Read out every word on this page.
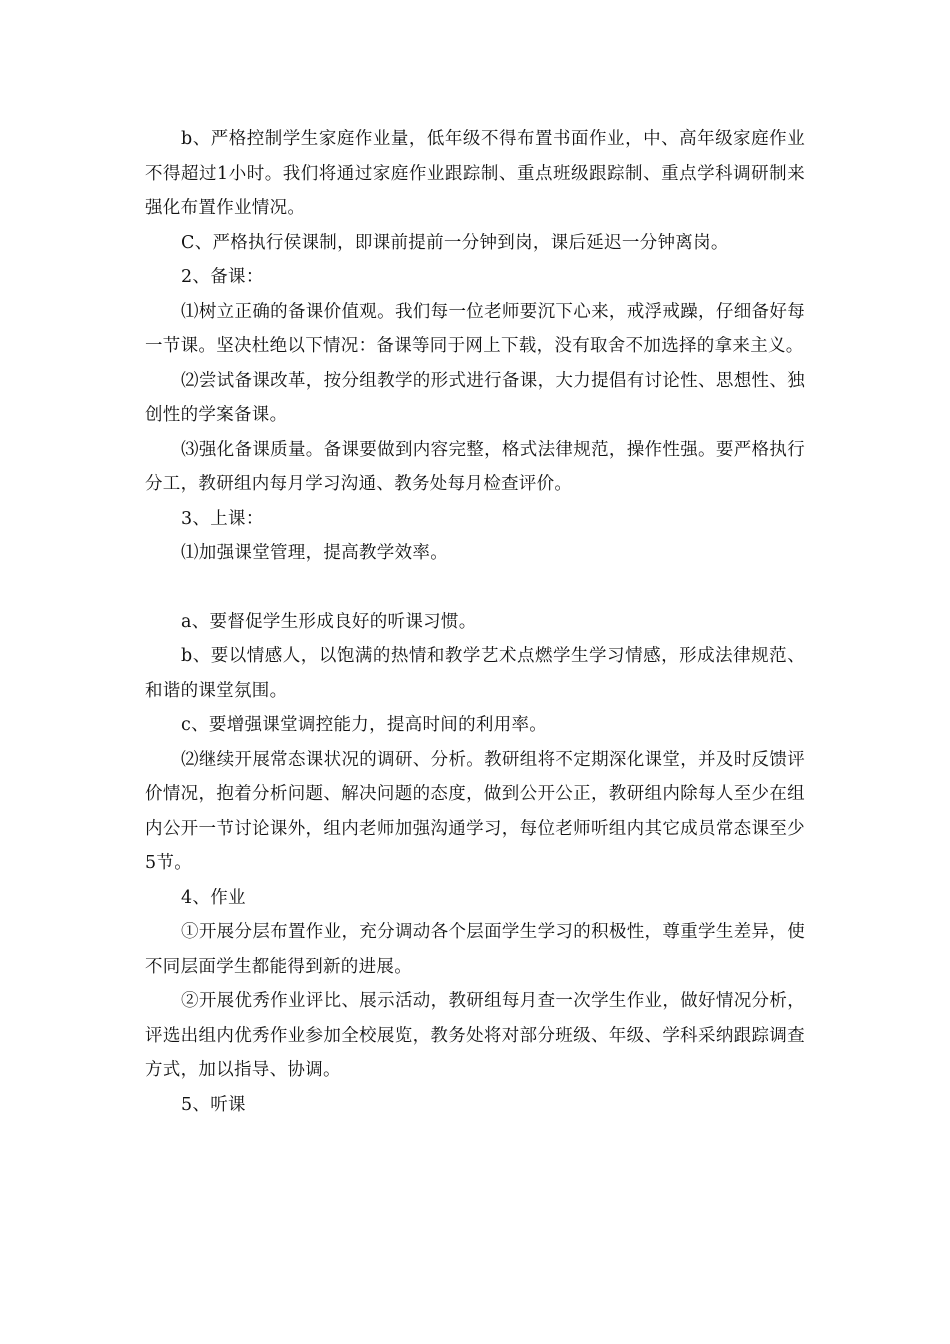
b、严格控制学生家庭作业量，低年级不得布置书面作业，中、高年级家庭作业不得超过1小时。我们将通过家庭作业跟踪制、重点班级跟踪制、重点学科调研制来强化布置作业情况。

C、严格执行侯课制，即课前提前一分钟到岗，课后延迟一分钟离岗。

2、备课：

⑴树立正确的备课价值观。我们每一位老师要沉下心来，戒浮戒躁，仔细备好每一节课。坚决杜绝以下情况：备课等同于网上下载，没有取舍不加选择的拿来主义。

⑵尝试备课改革，按分组教学的形式进行备课，大力提倡有讨论性、思想性、独创性的学案备课。

⑶强化备课质量。备课要做到内容完整，格式法律规范，操作性强。要严格执行分工，教研组内每月学习沟通、教务处每月检查评价。

3、上课：

⑴加强课堂管理，提高教学效率。

a、要督促学生形成良好的听课习惯。

b、要以情感人，以饱满的热情和教学艺术点燃学生学习情感，形成法律规范、和谐的课堂氛围。

c、要增强课堂调控能力，提高时间的利用率。

⑵继续开展常态课状况的调研、分析。教研组将不定期深化课堂，并及时反馈评价情况，抱着分析问题、解决问题的态度，做到公开公正，教研组内除每人至少在组内公开一节讨论课外，组内老师加强沟通学习，每位老师听组内其它成员常态课至少5节。

4、作业

①开展分层布置作业，充分调动各个层面学生学习的积极性，尊重学生差异，使不同层面学生都能得到新的进展。

②开展优秀作业评比、展示活动，教研组每月查一次学生作业，做好情况分析，评选出组内优秀作业参加全校展览，教务处将对部分班级、年级、学科采纳跟踪调查方式，加以指导、协调。

5、听课
